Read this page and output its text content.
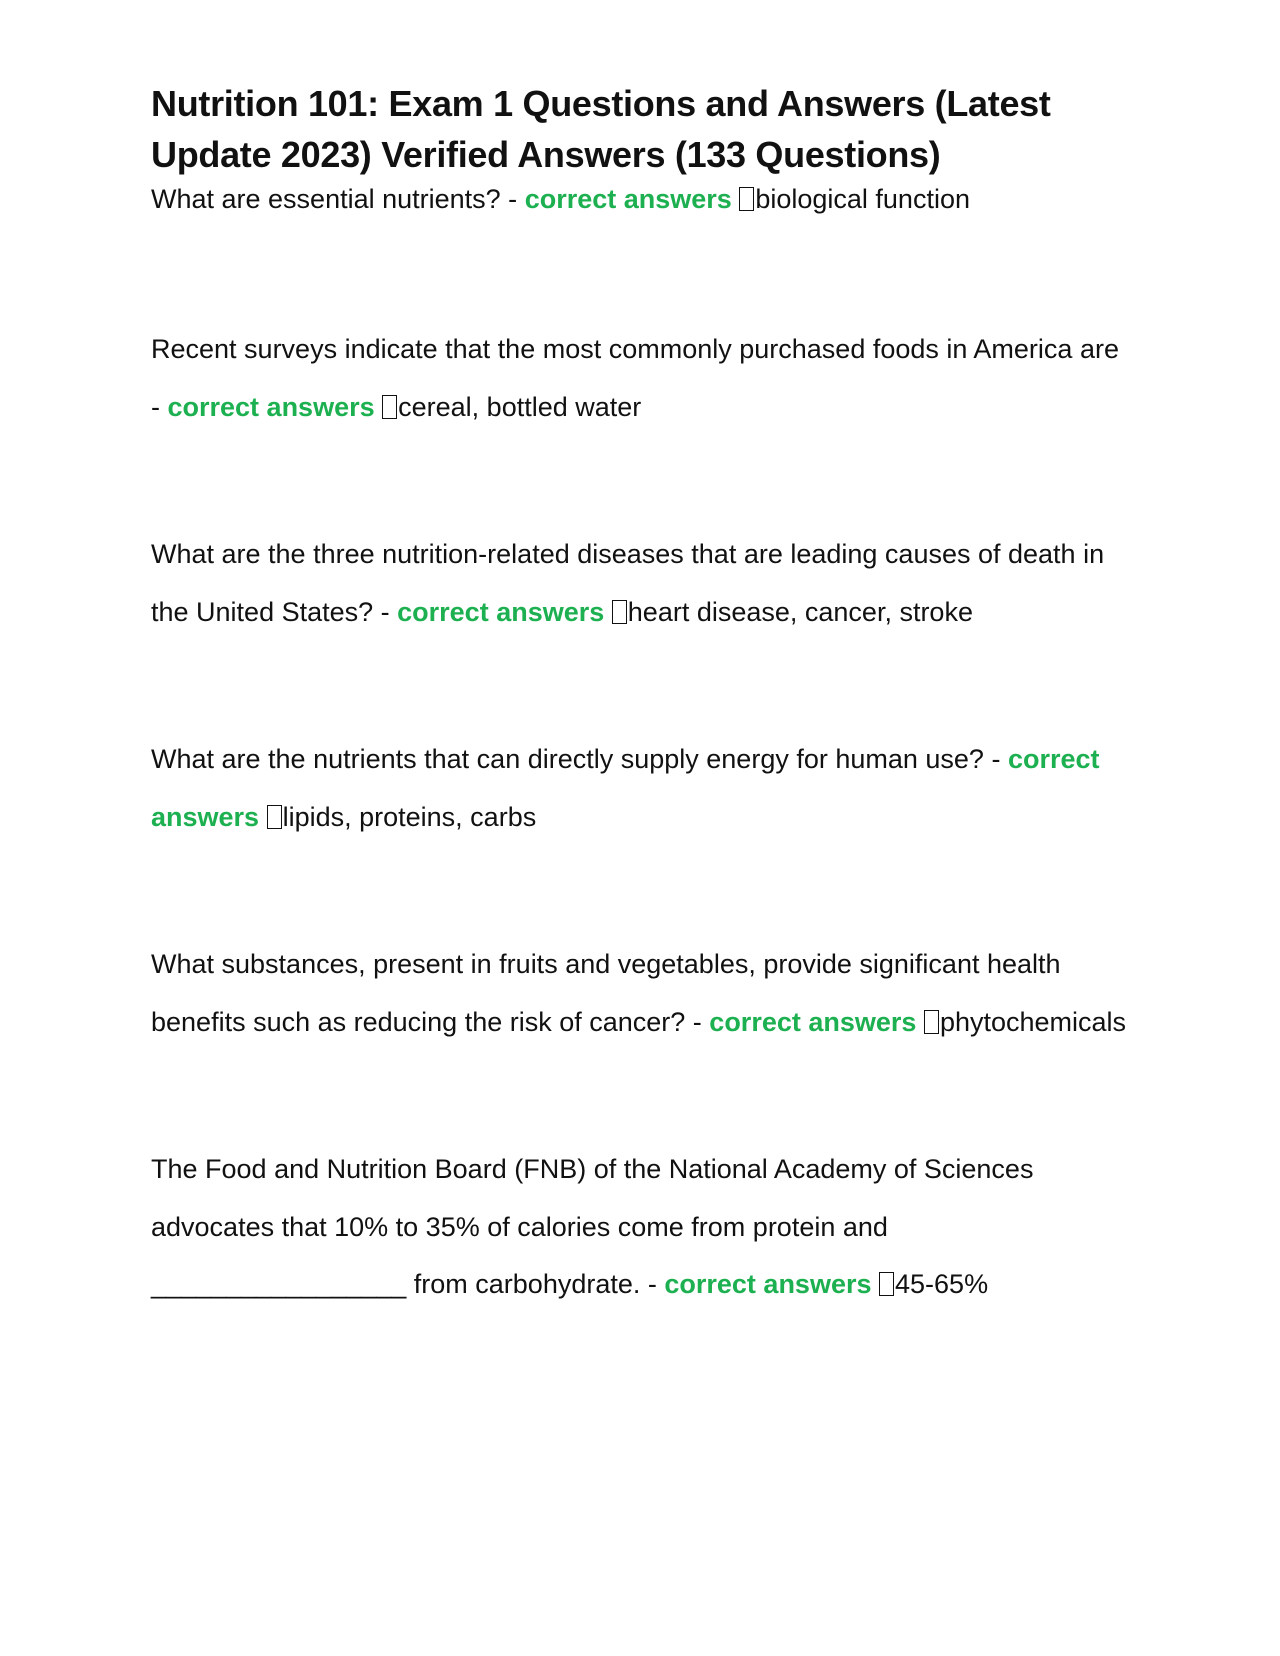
Nutrition 101: Exam 1 Questions and Answers (Latest Update 2023) Verified Answers (133 Questions)

What are essential nutrients? - correct answers biological function

Recent surveys indicate that the most commonly purchased foods in America are - correct answers cereal, bottled water

What are the three nutrition-related diseases that are leading causes of death in the United States? - correct answers heart disease, cancer, stroke

What are the nutrients that can directly supply energy for human use? - correct answers lipids, proteins, carbs

What substances, present in fruits and vegetables, provide significant health benefits such as reducing the risk of cancer? - correct answers phytochemicals

The Food and Nutrition Board (FNB) of the National Academy of Sciences advocates that 10% to 35% of calories come from protein and _________________ from carbohydrate. - correct answers 45-65%
